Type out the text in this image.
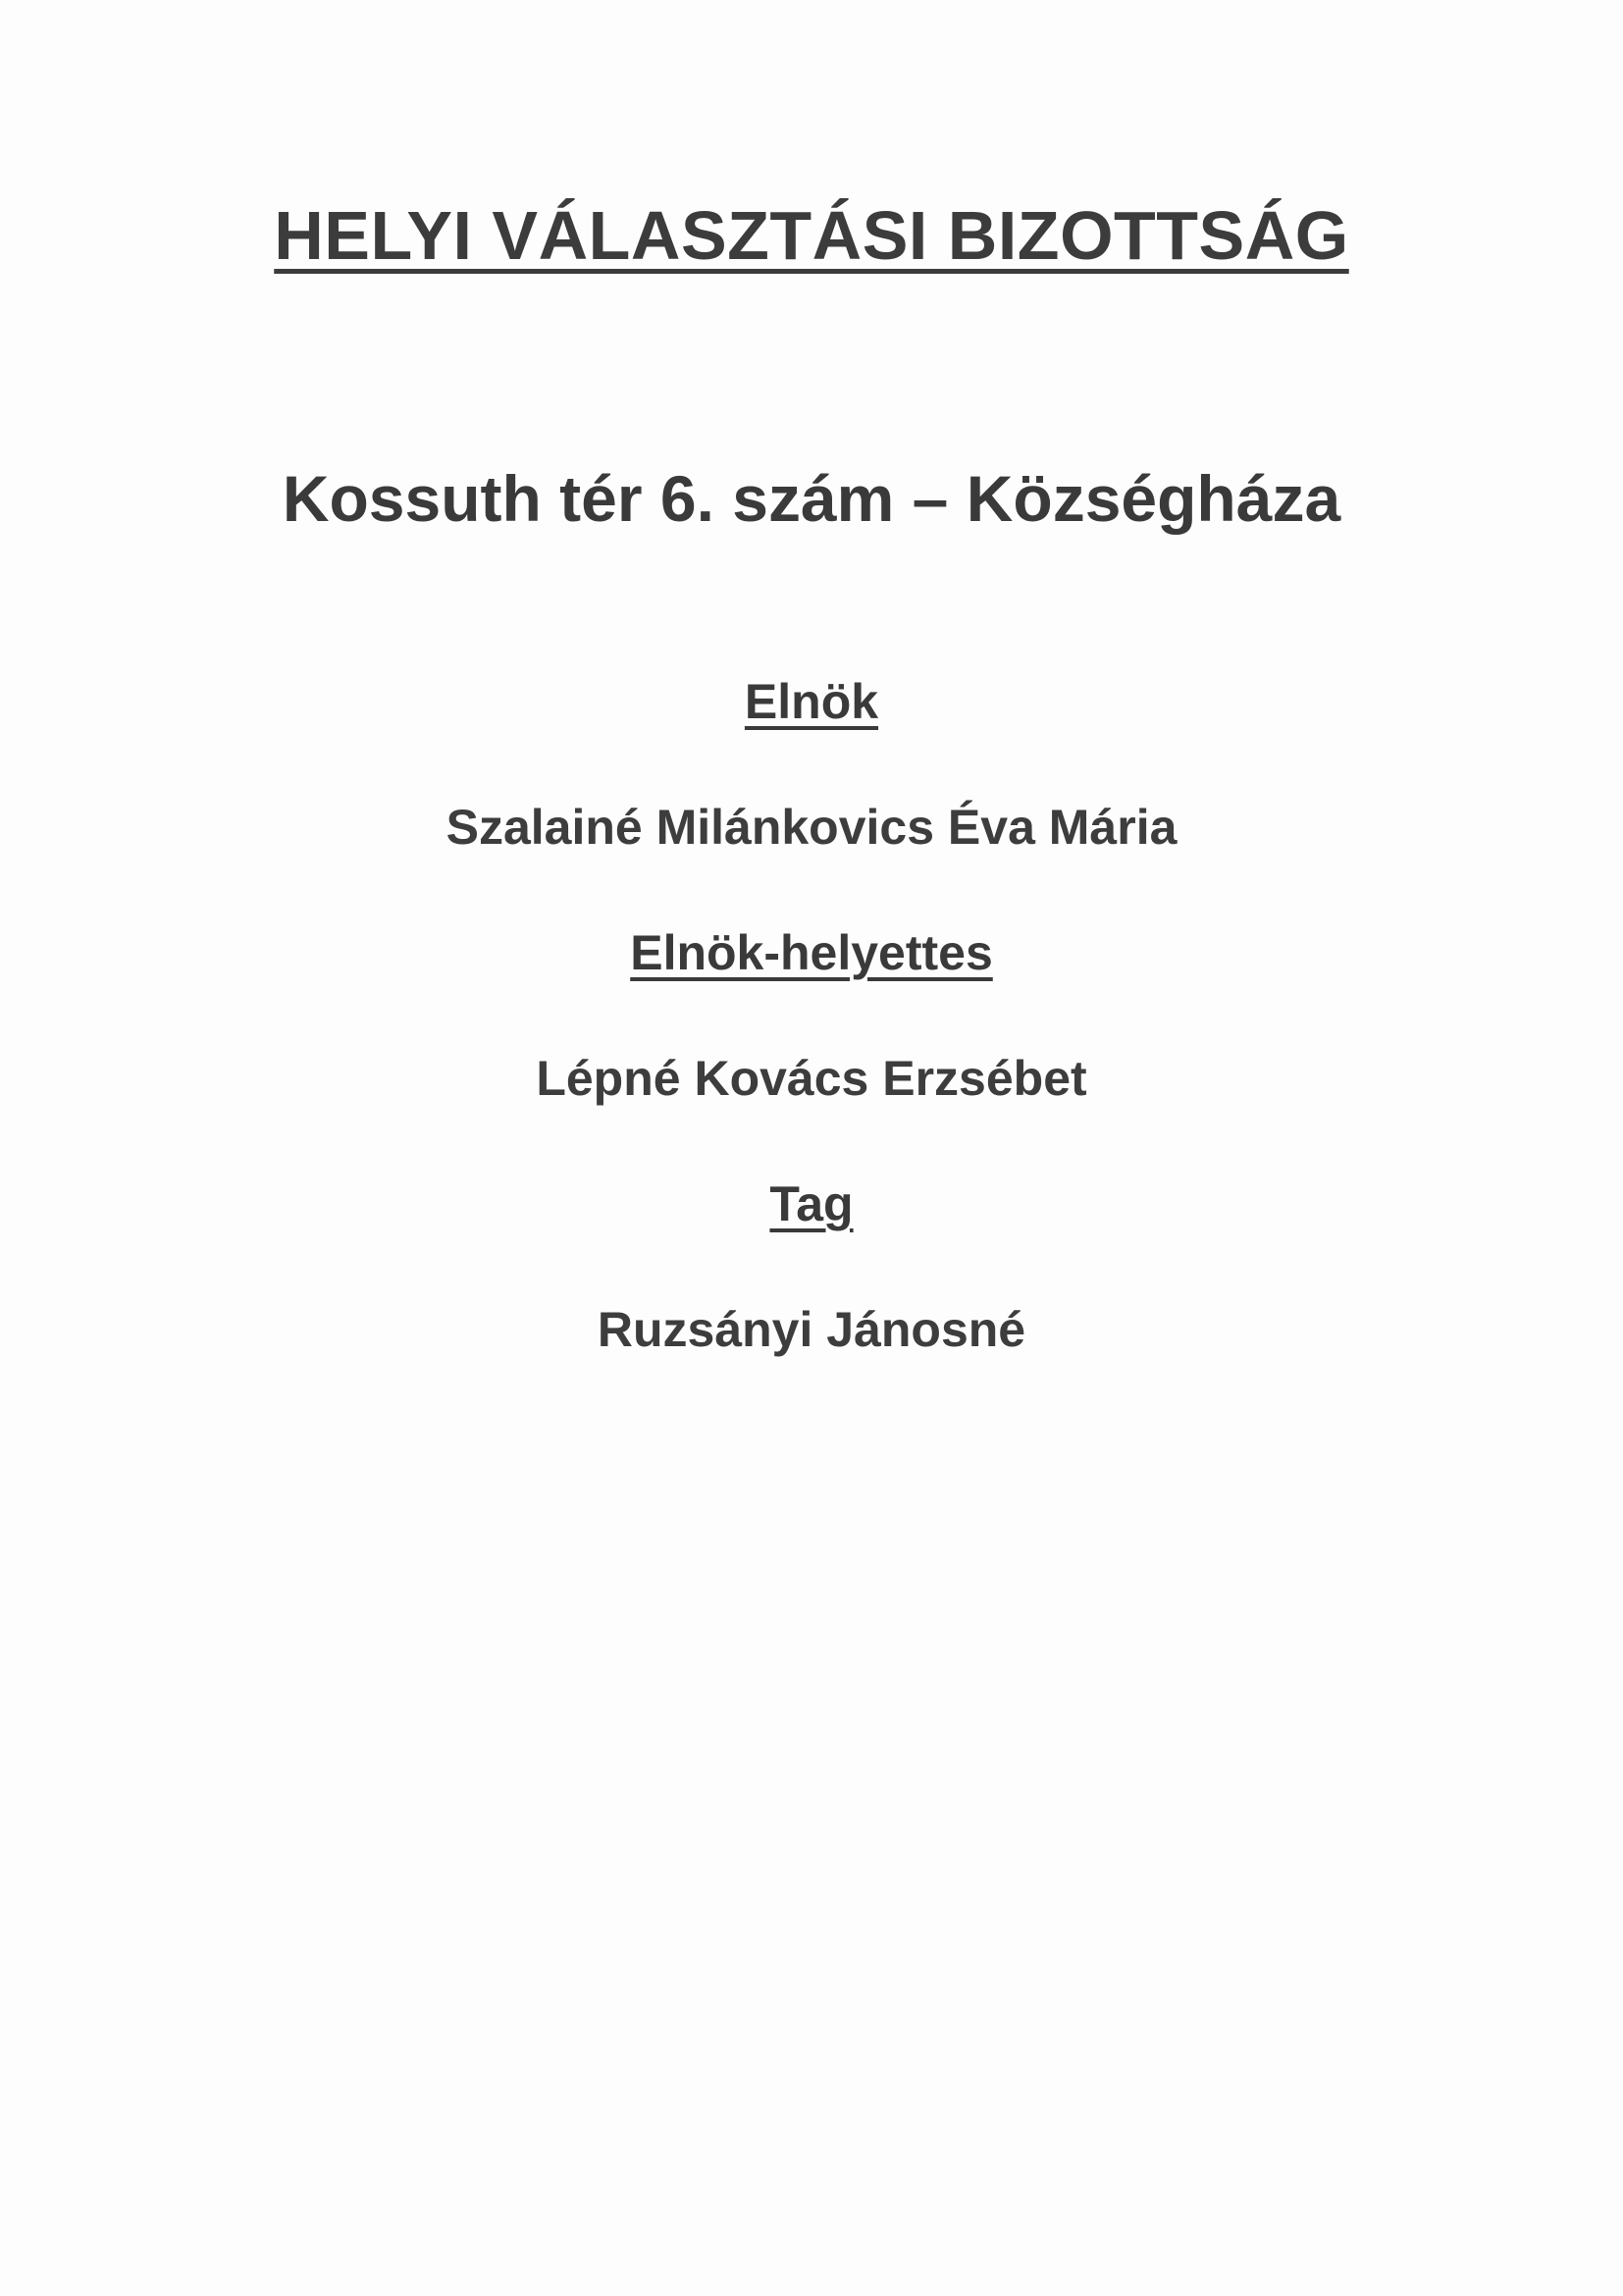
HELYI VÁLASZTÁSI BIZOTTSÁG
Kossuth tér 6. szám – Községháza
Elnök
Szalainé Milánkovics Éva Mária
Elnök-helyettes
Lépné Kovács Erzsébet
Tag
Ruzsányi Jánosné
